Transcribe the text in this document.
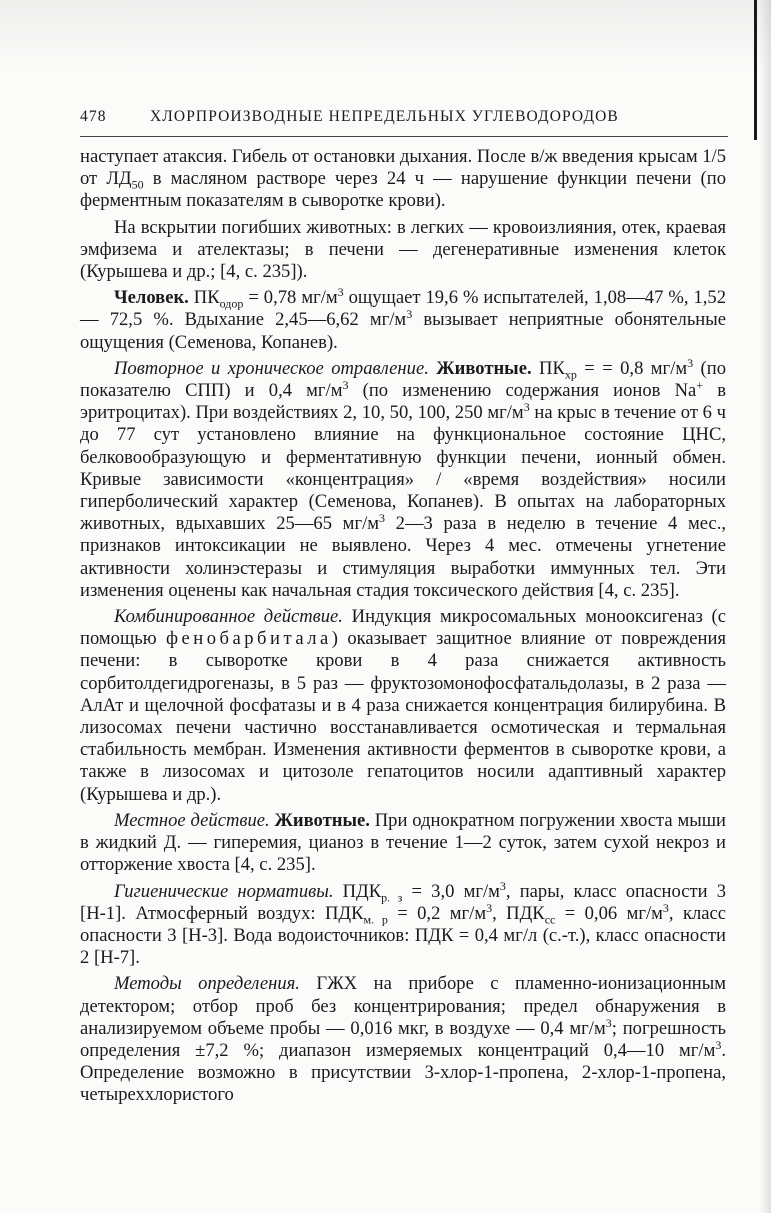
478	ХЛОРПРОИЗВОДНЫЕ НЕПРЕДЕЛЬНЫХ УГЛЕВОДОРОДОВ

наступает атаксия. Гибель от остановки дыхания. После в/ж введения крысам 1/5 от $ЛД_{50}$ в масляном растворе через 24 ч — нарушение функции печени (по ферментным показателям в сыворотке крови).

На вскрытии погибших животных: в легких — кровоизлияния, отек, краевая эмфизема и ателектазы; в печени — дегенеративные изменения клеток (Курышева и др.; [4, с. 235]).

Человек. $ПК_{одор} = 0,78$ $мг/м^3$ ощущает 19,6 % испытателей, 1,08—47 %, 1,52 — 72,5 %. Вдыхание 2,45—6,62 $мг/м^3$ вызывает неприятные обонятельные ощущения (Семенова, Копанев).

Повторное и хроническое отравление. Животные. $ПК_{хр}$ = = 0,8 $мг/м^3$ (по показателю СПП) и 0,4 $мг/м^3$ (по изменению содержания ионов Na+ в эритроцитах). При воздействиях 2, 10, 50, 100, 250 $мг/м^3$ на крыс в течение от 6 ч до 77 сут установлено влияние на функциональное состояние ЦНС, белковообразующую и ферментативную функции печени, ионный обмен. Кривые зависимости «концентрация» / «время воздействия» носили гиперболический характер (Семенова, Копанев). В опытах на лабораторных животных, вдыхавших 25—65 $мг/м^3$ 2—3 раза в неделю в течение 4 мес., признаков интоксикации не выявлено. Через 4 мес. отмечены угнетение активности холинэстеразы и стимуляция выработки иммунных тел. Эти изменения оценены как начальная стадия токсического действия [4, с. 235].

Комбинированное действие. Индукция микросомальных монооксигеназ (с помощью фенобарбитала) оказывает защитное влияние от повреждения печени: в сыворотке крови в 4 раза снижается активность сорбитолдегидрогеназы, в 5 раз — фруктозомонофосфатальдолазы, в 2 раза — АлАт и щелочной фосфатазы и в 4 раза снижается концентрация билирубина. В лизосомах печени частично восстанавливается осмотическая и термальная стабильность мембран. Изменения активности ферментов в сыворотке крови, а также в лизосомах и цитозоле гепатоцитов носили адаптивный характер (Курышева и др.).

Местное действие. Животные. При однократном погружении хвоста мыши в жидкий Д. — гиперемия, цианоз в течение 1—2 суток, затем сухой некроз и отторжение хвоста [4, с. 235].

Гигиенические нормативы. $ПДК_{р. з} = 3,0$ $мг/м^3$, пары, класс опасности 3 [Н-1]. Атмосферный воздух: $ПДК_{м. р} = 0,2$ $мг/м^3$, $ПДК_{сс} = 0,06$ $мг/м^3$, класс опасности 3 [Н-3]. Вода водоисточников: ПДК = 0,4 мг/л (с.-т.), класс опасности 2 [Н-7].

Методы определения. ГЖХ на приборе с пламенно-ионизационным детектором; отбор проб без концентрирования; предел обнаружения в анализируемом объеме пробы — 0,016 мкг, в воздухе — 0,4 $мг/м^3$; погрешность определения ±7,2 %; диапазон измеряемых концентраций 0,4—10 $мг/м^3$. Определение возможно в присутствии 3-хлор-1-пропена, 2-хлор-1-пропена, четыреххлористого
